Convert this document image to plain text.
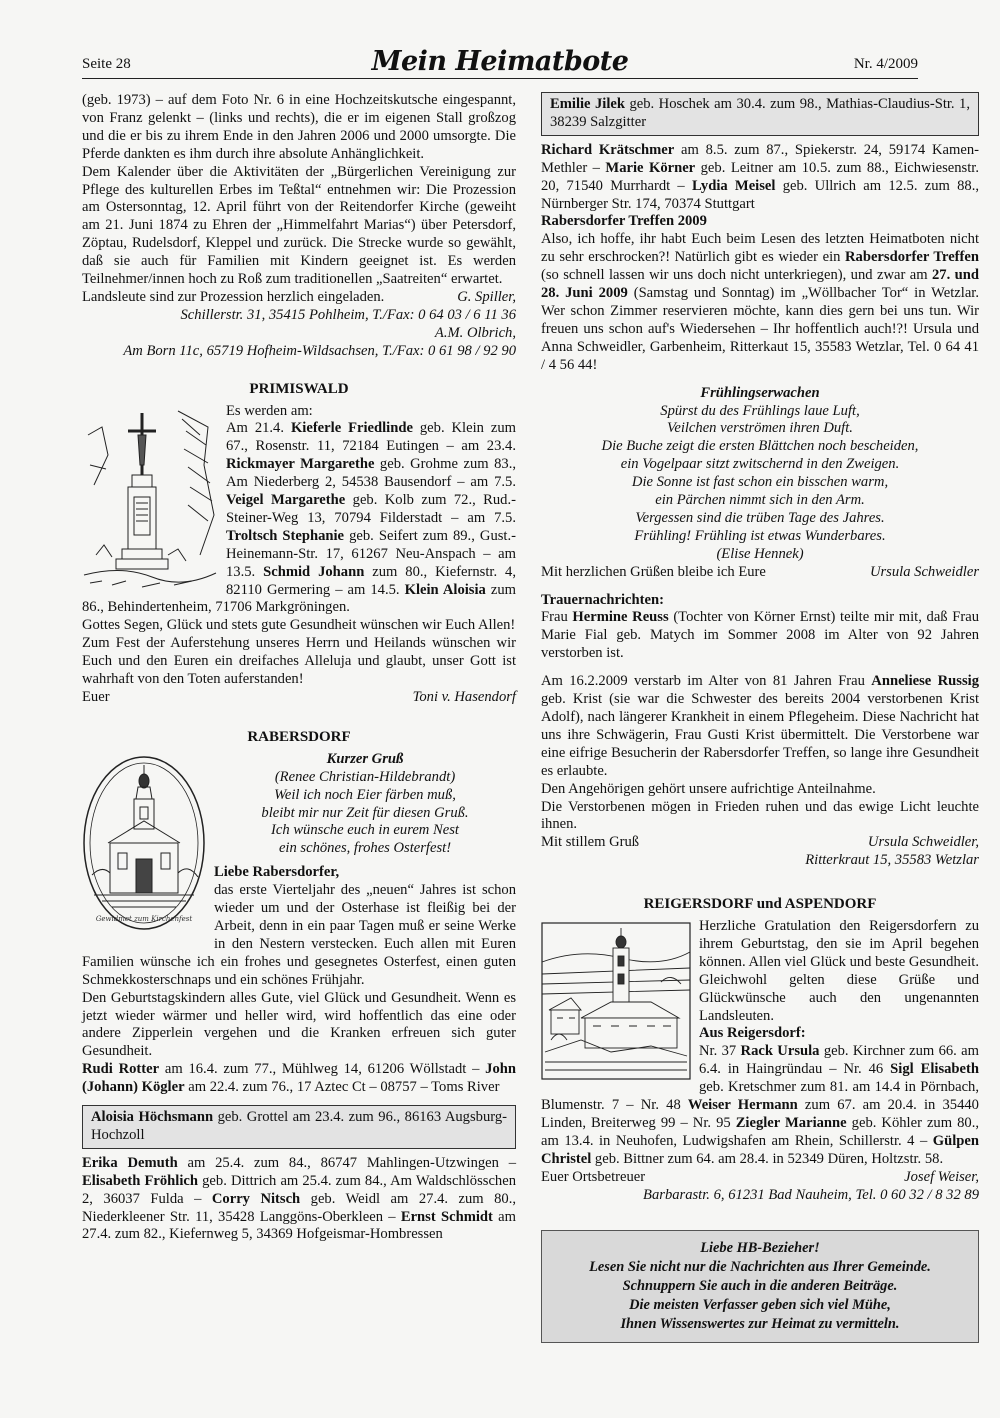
Seite 28	Mein Heimatbote	Nr. 4/2009

(geb. 1973) – auf dem Foto Nr. 6 in eine Hochzeitskutsche eingespannt, von Franz gelenkt – (links und rechts), die er im eigenen Stall großzog und die er bis zu ihrem Ende in den Jahren 2006 und 2000 umsorgte. Die Pferde dankten es ihm durch ihre absolute Anhänglichkeit.

Dem Kalender über die Aktivitäten der „Bürgerlichen Vereinigung zur Pflege des kulturellen Erbes im Teßtal“ entnehmen wir: Die Prozession am Ostersonntag, 12. April führt von der Reitendorfer Kirche (geweiht am 21. Juni 1874 zu Ehren der „Himmelfahrt Marias“) über Petersdorf, Zöptau, Rudelsdorf, Kleppel und zurück. Die Strecke wurde so gewählt, daß sie auch für Familien mit Kindern geeignet ist. Es werden Teilnehmer/innen hoch zu Roß zum traditionellen „Saatreiten“ erwartet.

Landsleute sind zur Prozession herzlich eingeladen.	G. Spiller,

Schillerstr. 31, 35415 Pohlheim, T./Fax: 0 64 03 / 6 11 36

A.M. Olbrich,

Am Born 11c, 65719 Hofheim-Wildsachsen, T./Fax: 0 61 98 / 92 90

PRIMISWALD

Es werden am:

Am 21.4. Kieferle Friedlinde geb. Klein zum 67., Rosenstr. 11, 72184 Eutingen – am 23.4. Rickmayer Margarethe geb. Grohme zum 83., Am Niederberg 2, 54538 Bausendorf – am 7.5. Veigel Margarethe geb. Kolb zum 72., Rud.-Steiner-Weg 13, 70794 Filderstadt – am 7.5. Troltsch Stephanie geb. Seifert zum 89., Gust.-Heinemann-Str. 17, 61267 Neu-Anspach – am 13.5. Schmid Johann zum 80., Kiefernstr. 4, 82110 Germering – am 14.5. Klein Aloisia zum 86., Behindertenheim, 71706 Markgröningen.

Gottes Segen, Glück und stets gute Gesundheit wünschen wir Euch Allen!

Zum Fest der Auferstehung unseres Herrn und Heilands wünschen wir Euch und den Euren ein dreifaches Alleluja und glaubt, unser Gott ist wahrhaft von den Toten auferstanden!

Euer	Toni v. Hasendorf
RABERSDORF
Gewidmet zum Kirchenfest

Kurzer Gruß

(Renee Christian-Hildebrandt)

Weil ich noch Eier färben muß,

bleibt mir nur Zeit für diesen Gruß.

Ich wünsche euch in eurem Nest

ein schönes, frohes Osterfest!

Liebe Rabersdorfer,

das erste Vierteljahr des „neuen“ Jahres ist schon wieder um und der Osterhase ist fleißig bei der Arbeit, denn in ein paar Tagen muß er seine Werke in den Nestern verstecken. Euch allen mit Euren Familien wünsche ich ein frohes und gesegnetes Osterfest, einen guten Schmekkosterschnaps und ein schönes Frühjahr.

Den Geburtstagskindern alles Gute, viel Glück und Gesundheit. Wenn es jetzt wieder wärmer und heller wird, wird hoffentlich das eine oder andere Zipperlein vergehen und die Kranken erfreuen sich guter Gesundheit.

Rudi Rotter am 16.4. zum 77., Mühlweg 14, 61206 Wöllstadt – John (Johann) Kögler am 22.4. zum 76., 17 Aztec Ct – 08757 – Toms River

Aloisia Höchsmann geb. Grottel am 23.4. zum 96., 86163 Augsburg-Hochzoll

Erika Demuth am 25.4. zum 84., 86747 Mahlingen-Utzwingen – Elisabeth Fröhlich geb. Dittrich am 25.4. zum 84., Am Waldschlösschen 2, 36037 Fulda – Corry Nitsch geb. Weidl am 27.4. zum 80., Niederkleener Str. 11, 35428 Langgöns-Oberkleen – Ernst Schmidt am 27.4. zum 82., Kiefernweg 5, 34369 Hofgeismar-Hombressen

Emilie Jilek geb. Hoschek am 30.4. zum 98., Mathias-Claudius-Str. 1, 38239 Salzgitter

Richard Krätschmer am 8.5. zum 87., Spiekerstr. 24, 59174 Kamen-Methler – Marie Körner geb. Leitner am 10.5. zum 88., Eichwiesenstr. 20, 71540 Murrhardt – Lydia Meisel geb. Ullrich am 12.5. zum 88., Nürnberger Str. 174, 70374 Stuttgart

Rabersdorfer Treffen 2009

Also, ich hoffe, ihr habt Euch beim Lesen des letzten Heimatboten nicht zu sehr erschrocken?! Natürlich gibt es wieder ein Rabersdorfer Treffen (so schnell lassen wir uns doch nicht unterkriegen), und zwar am 27. und 28. Juni 2009 (Samstag und Sonntag) im „Wöllbacher Tor“ in Wetzlar. Wer schon Zimmer reservieren möchte, kann dies gern bei uns tun. Wir freuen uns schon auf's Wiedersehen – Ihr hoffentlich auch!?! Ursula und Anna Schweidler, Garbenheim, Ritterkaut 15, 35583 Wetzlar, Tel. 0 64 41 / 4 56 44!

Frühlingserwachen

Spürst du des Frühlings laue Luft,

Veilchen verströmen ihren Duft.

Die Buche zeigt die ersten Blättchen noch bescheiden,

ein Vogelpaar sitzt zwitschernd in den Zweigen.

Die Sonne ist fast schon ein bisschen warm,

ein Pärchen nimmt sich in den Arm.

Vergessen sind die trüben Tage des Jahres.

Frühling! Frühling ist etwas Wunderbares.

(Elise Hennek)

Mit herzlichen Grüßen bleibe ich Eure	Ursula Schweidler

Trauernachrichten:

Frau Hermine Reuss (Tochter von Körner Ernst) teilte mir mit, daß Frau Marie Fial geb. Matych im Sommer 2008 im Alter von 92 Jahren verstorben ist.

Am 16.2.2009 verstarb im Alter von 81 Jahren Frau Anneliese Russig geb. Krist (sie war die Schwester des bereits 2004 verstorbenen Krist Adolf), nach längerer Krankheit in einem Pflegeheim. Diese Nachricht hat uns ihre Schwägerin, Frau Gusti Krist übermittelt. Die Verstorbene war eine eifrige Besucherin der Rabersdorfer Treffen, so lange ihre Gesundheit es erlaubte.

Den Angehörigen gehört unsere aufrichtige Anteilnahme.

Die Verstorbenen mögen in Frieden ruhen und das ewige Licht leuchte ihnen.

Mit stillem Gruß	Ursula Schweidler,

Ritterkraut 15, 35583 Wetzlar

REIGERSDORF und ASPENDORF

Herzliche Gratulation den Reigersdorfern zu ihrem Geburtstag, den sie im April begehen können. Allen viel Glück und beste Gesundheit. Gleichwohl gelten diese Grüße und Glückwünsche auch den ungenannten Landsleuten.

Aus Reigersdorf:

Nr. 37 Rack Ursula geb. Kirchner zum 66. am 6.4. in Haingründau – Nr. 46 Sigl Elisabeth geb. Kretschmer zum 81. am 14.4 in Pörnbach, Blumenstr. 7 – Nr. 48 Weiser Hermann zum 67. am 20.4. in 35440 Linden, Breiterweg 99 – Nr. 95 Ziegler Marianne geb. Köhler zum 80., am 13.4. in Neuhofen, Ludwigshafen am Rhein, Schillerstr. 4 – Gülpen Christel geb. Bittner zum 64. am 28.4. in 52349 Düren, Holtzstr. 58.

Euer Ortsbetreuer	Josef Weiser,

Barbarastr. 6, 61231 Bad Nauheim, Tel. 0 60 32 / 8 32 89

Liebe HB-Bezieher!
Lesen Sie nicht nur die Nachrichten aus Ihrer Gemeinde.
Schnuppern Sie auch in die anderen Beiträge.
Die meisten Verfasser geben sich viel Mühe,
Ihnen Wissenswertes zur Heimat zu vermitteln.
